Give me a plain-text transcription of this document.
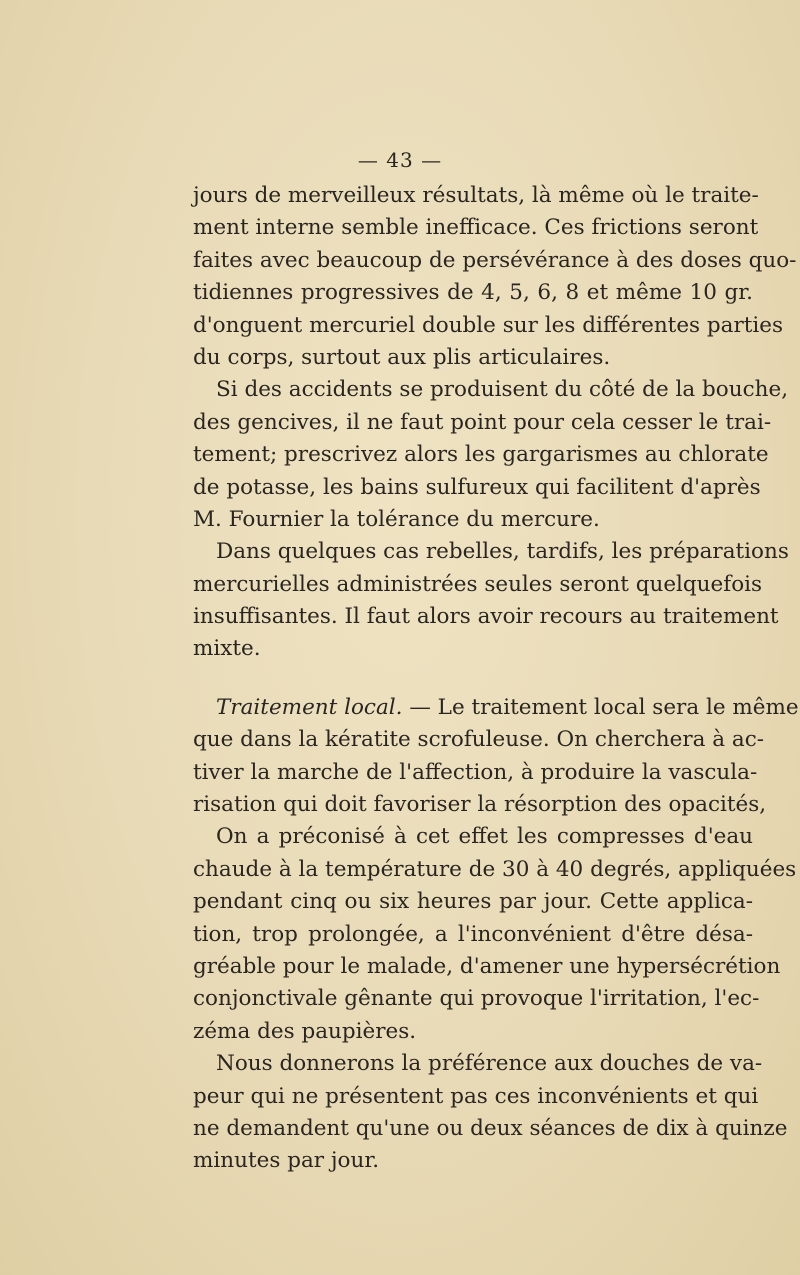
— 43 —
jours de merveilleux résultats, là même où le traite-
ment interne semble inefficace. Ces frictions seront
faites avec beaucoup de persévérance à des doses quo-
tidiennes progressives de 4, 5, 6, 8 et même 10 gr.
d'onguent mercuriel double sur les différentes parties
du corps, surtout aux plis articulaires.
Si des accidents se produisent du côté de la bouche,
des gencives, il ne faut point pour cela cesser le trai-
tement; prescrivez alors les gargarismes au chlorate
de potasse, les bains sulfureux qui facilitent d'après
M. Fournier la tolérance du mercure.
Dans quelques cas rebelles, tardifs, les préparations
mercurielles administrées seules seront quelquefois
insuffisantes. Il faut alors avoir recours au traitement
mixte.
Traitement local. — Le traitement local sera le même
que dans la kératite scrofuleuse. On cherchera à ac-
tiver la marche de l'affection, à produire la vascula-
risation qui doit favoriser la résorption des opacités,
On a préconisé à cet effet les compresses d'eau
chaude à la température de 30 à 40 degrés, appliquées
pendant cinq ou six heures par jour. Cette applica-
tion, trop prolongée, a l'inconvénient d'être désa-
gréable pour le malade, d'amener une hypersécrétion
conjonctivale gênante qui provoque l'irritation, l'ec-
zéma des paupières.
Nous donnerons la préférence aux douches de va-
peur qui ne présentent pas ces inconvénients et qui
ne demandent qu'une ou deux séances de dix à quinze
minutes par jour.
